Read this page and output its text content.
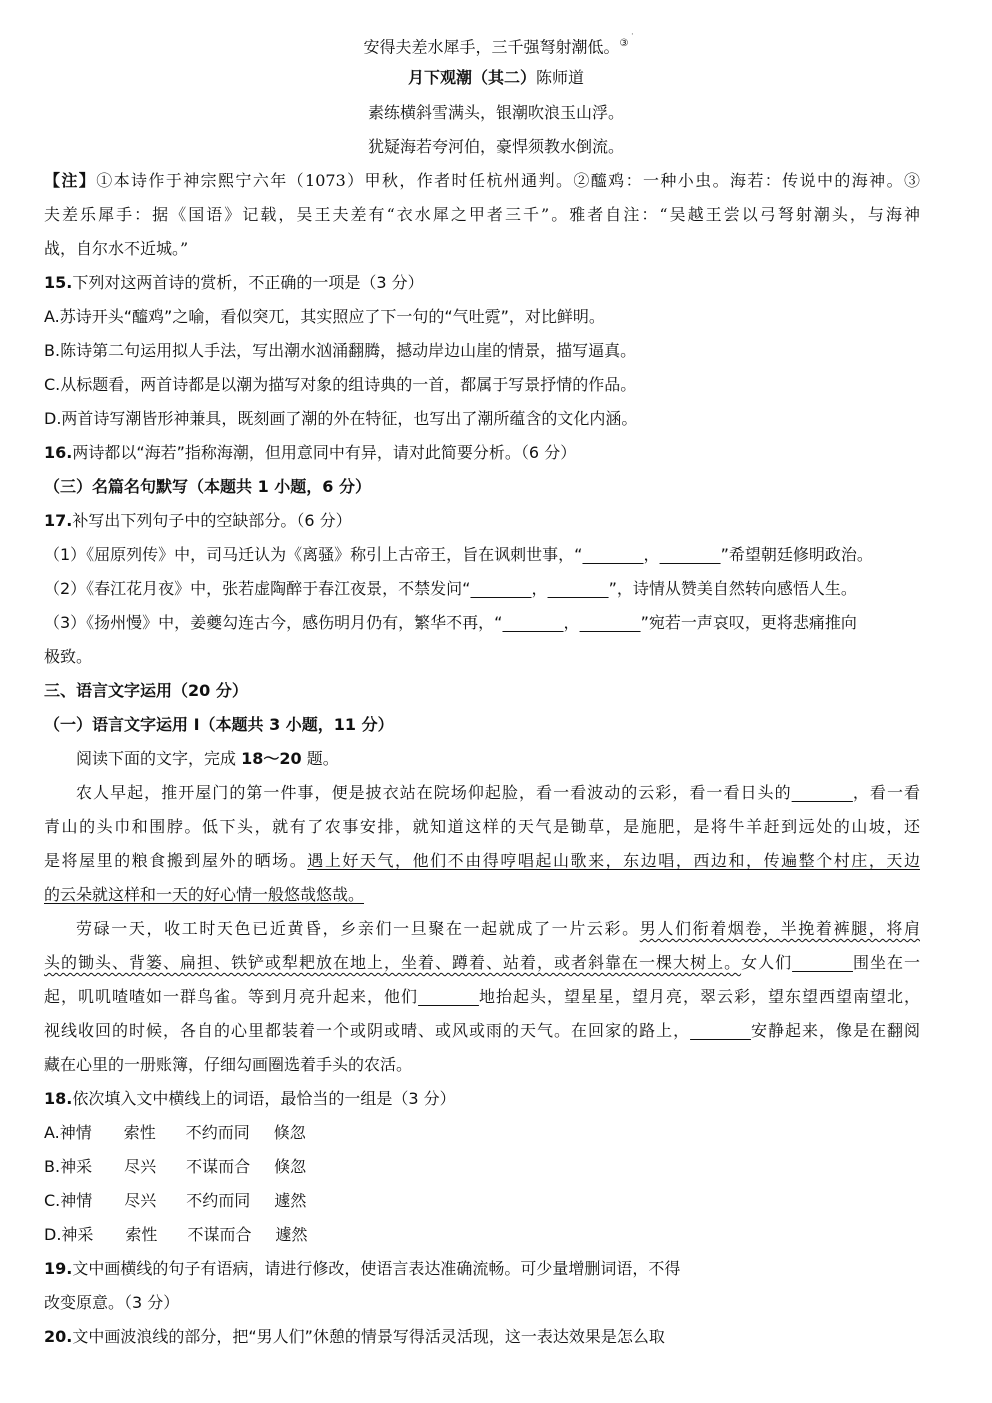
·
安得夫差水犀手，三千强弩射潮低。③
月下观潮（其二）陈师道
素练横斜雪满头，银潮吹浪玉山浮。
犹疑海若夸河伯，豪悍须教水倒流。
【注】①本诗作于神宗熙宁六年（1073）甲秋，作者时任杭州通判。②醯鸡：一种小虫。海若：传说中的海神。③
夫差乐犀手：据《国语》记载，吴王夫差有“衣水犀之甲者三千”。雅者自注：“吴越王尝以弓弩射潮头，与海神
战，自尔水不近城。”
15.下列对这两首诗的赏析，不正确的一项是（3 分）
A.苏诗开头“醯鸡”之喻，看似突兀，其实照应了下一句的“气吐霓”，对比鲜明。
B.陈诗第二句运用拟人手法，写出潮水汹涌翻腾，撼动岸边山崖的情景，描写逼真。
C.从标题看，两首诗都是以潮为描写对象的组诗典的一首，都属于写景抒情的作品。
D.两首诗写潮皆形神兼具，既刻画了潮的外在特征，也写出了潮所蕴含的文化内涵。
16.两诗都以“海若”指称海潮，但用意同中有异，请对此简要分析。（6 分）
（三）名篇名句默写（本题共 1 小题，6 分）
17.补写出下列句子中的空缺部分。（6 分）
（1）《屈原列传》中，司马迁认为《离骚》称引上古帝王，旨在讽刺世事，“	，	”希望朝廷修明政治。
（2）《春江花月夜》中，张若虚陶醉于春江夜景，不禁发问“	，	”，诗情从赞美自然转向感悟人生。
（3）《扬州慢》中，姜夔勾连古今，感伤明月仍有，繁华不再，“	，	”宛若一声哀叹，更将悲痛推向
极致。
三、语言文字运用（20 分）
（一）语言文字运用 I（本题共 3 小题，11 分）
阅读下面的文字，完成 18～20 题。
农人早起，推开屋门的第一件事，便是披衣站在院场仰起脸，看一看波动的云彩，看一看日头的	，看一看
青山的头巾和围脖。低下头，就有了农事安排，就知道这样的天气是锄草，是施肥，是将牛羊赶到远处的山坡，还
是将屋里的粮食搬到屋外的晒场。遇上好天气，他们不由得哼唱起山歌来，东边唱，西边和，传遍整个村庄，天边
的云朵就这样和一天的好心情一般悠哉悠哉。
劳碌一天，收工时天色已近黄昏，乡亲们一旦聚在一起就成了一片云彩。男人们衔着烟卷，半挽着裤腿，将肩
头的锄头、背篓、扁担、铁铲或犁耙放在地上，坐着、蹲着、站着，或者斜靠在一棵大树上。女人们	围坐在一
起，叽叽喳喳如一群鸟雀。等到月亮升起来，他们	地抬起头，望星星，望月亮，翠云彩，望东望西望南望北，
视线收回的时候，各自的心里都装着一个或阴或晴、或风或雨的天气。在回家的路上，	安静起来，像是在翻阅
藏在心里的一册账簿，仔细勾画圈选着手头的农活。
18.依次填入文中横线上的词语，最恰当的一组是（3 分）
A.神情 索性 不约而同 倏忽
B.神采 尽兴 不谋而合 倏忽
C.神情 尽兴 不约而同 遽然
D.神采 索性 不谋而合 遽然
19.文中画横线的句子有语病，请进行修改，使语言表达准确流畅。可少量增删词语，不得
改变原意。（3 分）
20.文中画波浪线的部分，把“男人们”休憩的情景写得活灵活现，这一表达效果是怎么取
